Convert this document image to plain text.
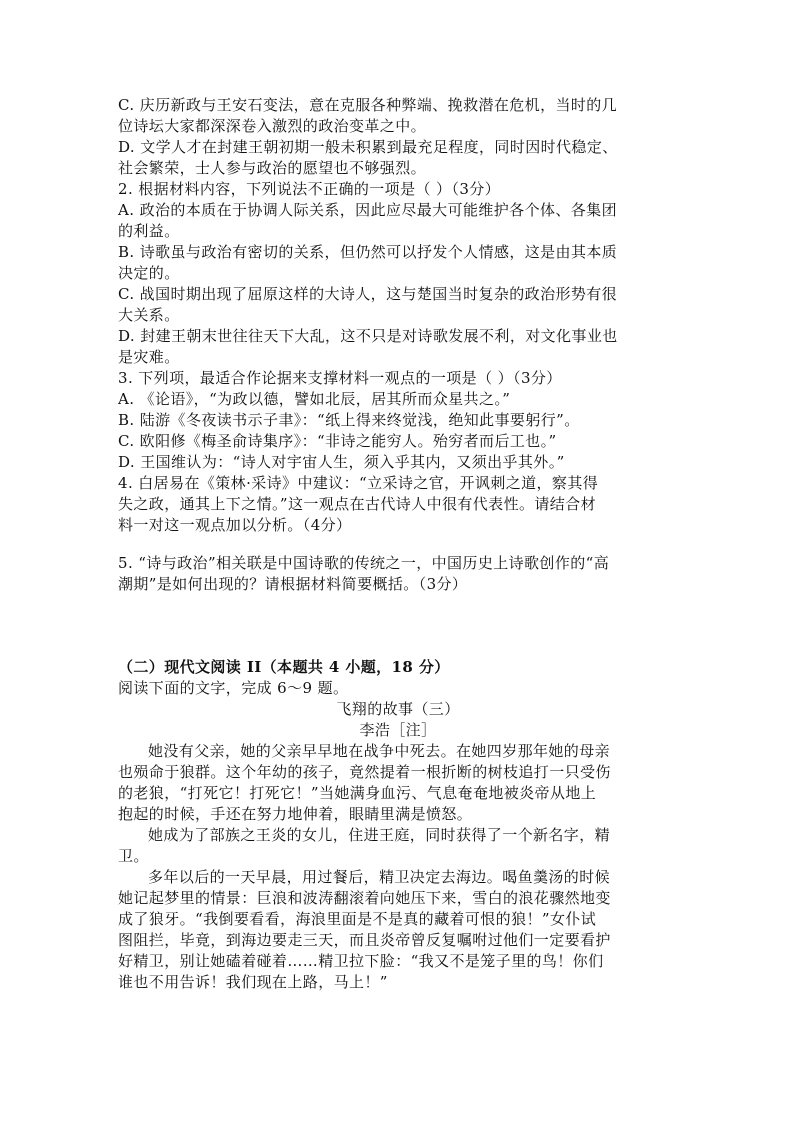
C. 庆历新政与王安石变法，意在克服各种弊端、挽救潜在危机，当时的几
位诗坛大家都深深卷入激烈的政治变革之中。
D. 文学人才在封建王朝初期一般未积累到最充足程度，同时因时代稳定、
社会繁荣，士人参与政治的愿望也不够强烈。
2. 根据材料内容，下列说法不正确的一项是（ ）（3分）
A. 政治的本质在于协调人际关系，因此应尽最大可能维护各个体、各集团
的利益。
B. 诗歌虽与政治有密切的关系，但仍然可以抒发个人情感，这是由其本质
决定的。
C. 战国时期出现了屈原这样的大诗人，这与楚国当时复杂的政治形势有很
大关系。
D. 封建王朝末世往往天下大乱，这不只是对诗歌发展不利，对文化事业也
是灾难。
3. 下列项，最适合作论据来支撑材料一观点的一项是（ ）（3分）
A. 《论语》，“为政以德，譬如北辰，居其所而众星共之。”
B. 陆游《冬夜读书示子聿》：“纸上得来终觉浅，绝知此事要躬行”。
C. 欧阳修《梅圣俞诗集序》：“非诗之能穷人。殆穷者而后工也。”
D. 王国维认为：“诗人对宇宙人生，须入乎其内，又须出乎其外。”
4. 白居易在《策林·采诗》中建议：“立采诗之官，开讽刺之道，察其得
失之政，通其上下之情。”这一观点在古代诗人中很有代表性。请结合材
料一对这一观点加以分析。（4分）
5. “诗与政治”相关联是中国诗歌的传统之一，中国历史上诗歌创作的“高
潮期”是如何出现的？请根据材料简要概括。（3分）
（二）现代文阅读 II（本题共 4 小题，18 分）
阅读下面的文字，完成 6～9 题。
飞翔的故事（三）
李浩［注］
她没有父亲，她的父亲早早地在战争中死去。在她四岁那年她的母亲
也殒命于狼群。这个年幼的孩子，竟然提着一根折断的树枝追打一只受伤
的老狼，“打死它！打死它！”当她满身血污、气息奄奄地被炎帝从地上
抱起的时候，手还在努力地伸着，眼睛里满是愤怒。
她成为了部族之王炎的女儿，住进王庭，同时获得了一个新名字，精
卫。
多年以后的一天早晨，用过餐后，精卫决定去海边。喝鱼羹汤的时候
她记起梦里的情景：巨浪和波涛翻滚着向她压下来，雪白的浪花骤然地变
成了狼牙。“我倒要看看，海浪里面是不是真的藏着可恨的狼！”女仆试
图阻拦，毕竟，到海边要走三天，而且炎帝曾反复嘱咐过他们一定要看护
好精卫，别让她磕着碰着……精卫拉下脸：“我又不是笼子里的鸟！你们
谁也不用告诉！我们现在上路，马上！”
